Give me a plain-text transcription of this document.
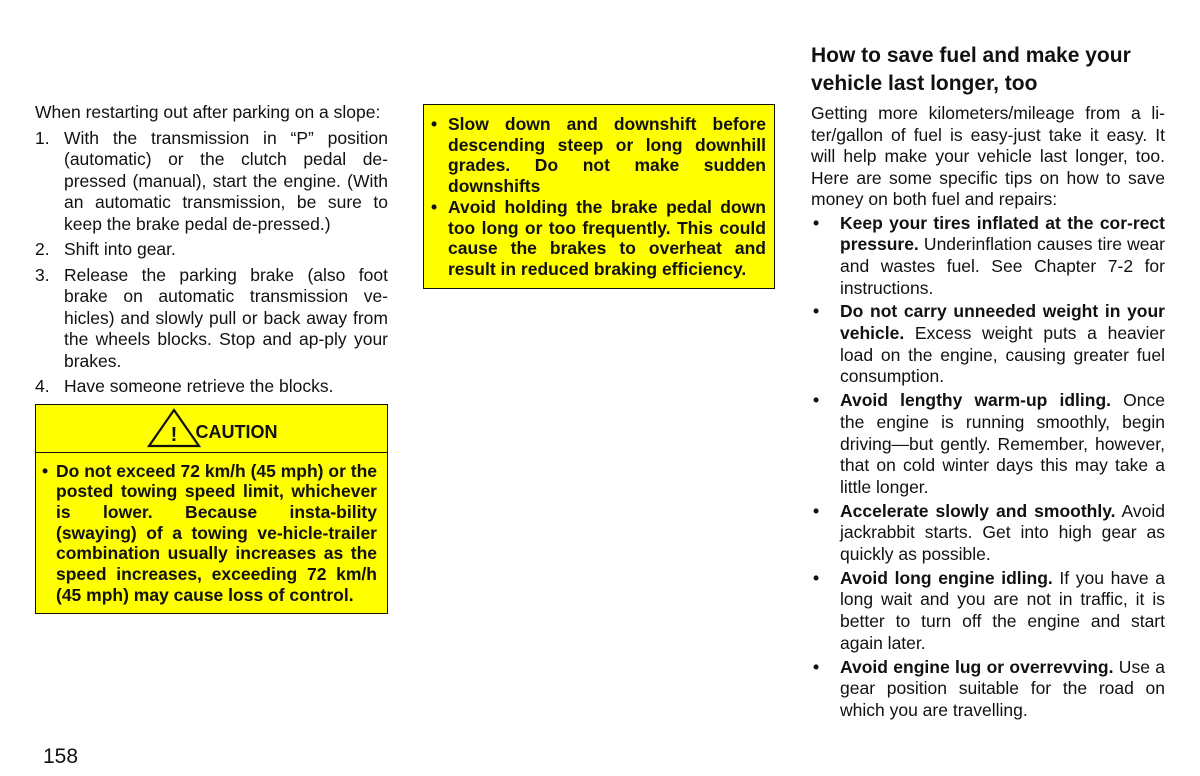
When restarting out after parking on a slope:

1. With the transmission in “P” position (automatic) or the clutch pedal de-pressed (manual), start the engine. (With an automatic transmission, be sure to keep the brake pedal de-pressed.)
2. Shift into gear.
3. Release the parking brake (also foot brake on automatic transmission ve-hicles) and slowly pull or back away from the wheels blocks. Stop and ap-ply your brakes.
4. Have someone retrieve the blocks.
! CAUTION
• Do not exceed 72 km/h (45 mph) or the posted towing speed limit, whichever is lower. Because insta-bility (swaying) of a towing ve-hicle-trailer combination usually increases as the speed increases, exceeding 72 km/h (45 mph) may cause loss of control.
• Slow down and downshift before descending steep or long downhill grades. Do not make sudden downshifts
• Avoid holding the brake pedal down too long or too frequently. This could cause the brakes to overheat and result in reduced braking efficiency.
How to save fuel and make your vehicle last longer, too

Getting more kilometers/mileage from a li-ter/gallon of fuel is easy-just take it easy. It will help make your vehicle last longer, too. Here are some specific tips on how to save money on both fuel and repairs:

• Keep your tires inflated at the cor-rect pressure. Underinflation causes tire wear and wastes fuel. See Chapter 7-2 for instructions.
• Do not carry unneeded weight in your vehicle. Excess weight puts a heavier load on the engine, causing greater fuel consumption.
• Avoid lengthy warm-up idling. Once the engine is running smoothly, begin driving—but gently. Remember, however, that on cold winter days this may take a little longer.
• Accelerate slowly and smoothly. Avoid jackrabbit starts. Get into high gear as quickly as possible.
• Avoid long engine idling. If you have a long wait and you are not in traffic, it is better to turn off the engine and start again later.
• Avoid engine lug or overrevving. Use a gear position suitable for the road on which you are travelling.
158
